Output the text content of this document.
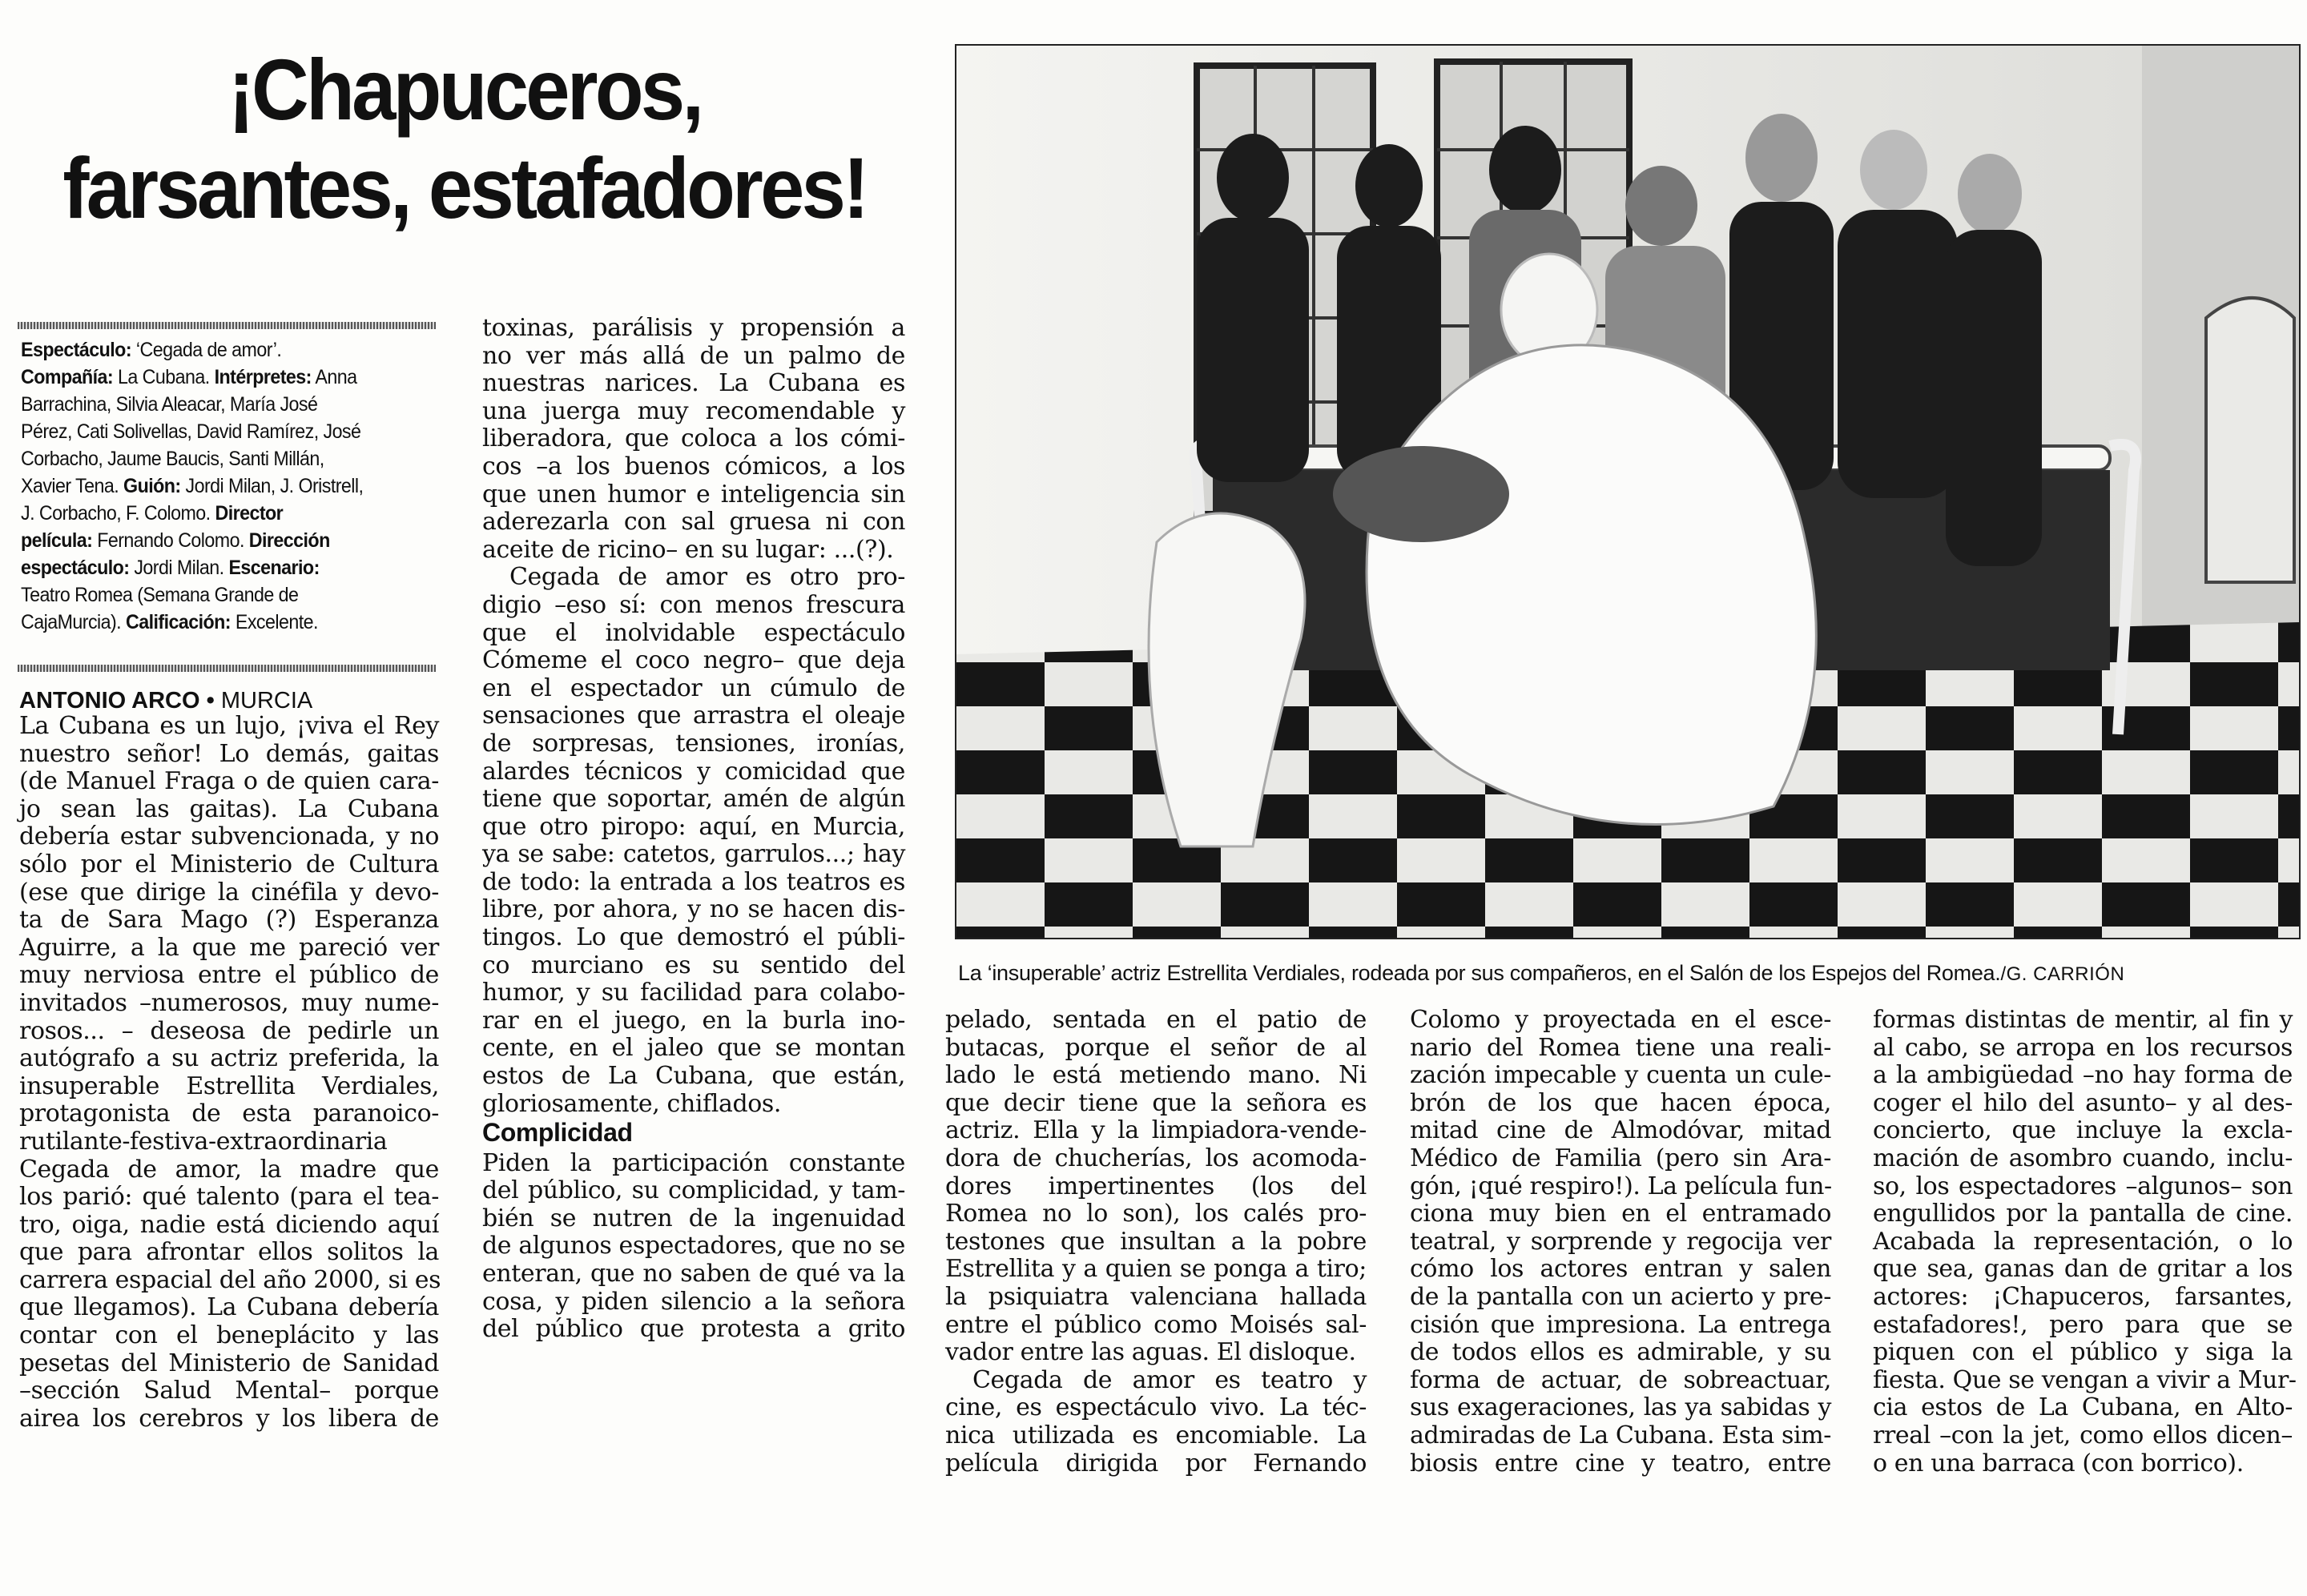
¡Chapuceros,
farsantes, estafadores!
Espectáculo: ‘Cegada de amor’.
Compañía: La Cubana. Intérpretes: Anna
Barrachina, Silvia Aleacar, María José
Pérez, Cati Solivellas, David Ramírez, José
Corbacho, Jaume Baucis, Santi Millán,
Xavier Tena. Guión: Jordi Milan, J. Oristrell,
J. Corbacho, F. Colomo. Director
película: Fernando Colomo. Dirección
espectáculo: Jordi Milan. Escenario:
Teatro Romea (Semana Grande de
CajaMurcia). Calificación: Excelente.
ANTONIO ARCO • MURCIA
La Cubana es un lujo, ¡viva el Rey
nuestro señor! Lo demás, gaitas
(de Manuel Fraga o de quien cara-
jo sean las gaitas). La Cubana
debería estar subvencionada, y no
sólo por el Ministerio de Cultura
(ese que dirige la cinéfila y devo-
ta de Sara Mago (?) Esperanza
Aguirre, a la que me pareció ver
muy nerviosa entre el público de
invitados –numerosos, muy nume-
rosos... – deseosa de pedirle un
autógrafo a su actriz preferida, la
insuperable Estrellita Verdiales,
protagonista de esta paranoico-
rutilante-festiva-extraordinaria
Cegada de amor, la madre que
los parió: qué talento (para el tea-
tro, oiga, nadie está diciendo aquí
que para afrontar ellos solitos la
carrera espacial del año 2000, si es
que llegamos). La Cubana debería
contar con el beneplácito y las
pesetas del Ministerio de Sanidad
–sección Salud Mental– porque
airea los cerebros y los libera de
toxinas, parálisis y propensión a
no ver más allá de un palmo de
nuestras narices. La Cubana es
una juerga muy recomendable y
liberadora, que coloca a los cómi-
cos –a los buenos cómicos, a los
que unen humor e inteligencia sin
aderezarla con sal gruesa ni con
aceite de ricino– en su lugar: ...(?).
Cegada de amor es otro pro-
digio –eso sí: con menos frescura
que el inolvidable espectáculo
Cómeme el coco negro– que deja
en el espectador un cúmulo de
sensaciones que arrastra el oleaje
de sorpresas, tensiones, ironías,
alardes técnicos y comicidad que
tiene que soportar, amén de algún
que otro piropo: aquí, en Murcia,
ya se sabe: catetos, garrulos...; hay
de todo: la entrada a los teatros es
libre, por ahora, y no se hacen dis-
tingos. Lo que demostró el públi-
co murciano es su sentido del
humor, y su facilidad para colabo-
rar en el juego, en la burla ino-
cente, en el jaleo que se montan
estos de La Cubana, que están,
gloriosamente, chiflados.
Complicidad
Piden la participación constante
del público, su complicidad, y tam-
bién se nutren de la ingenuidad
de algunos espectadores, que no se
enteran, que no saben de qué va la
cosa, y piden silencio a la señora
del público que protesta a grito
La ‘insuperable’ actriz Estrellita Verdiales, rodeada por sus compañeros, en el Salón de los Espejos del Romea./G. CARRIÓN
pelado, sentada en el patio de
butacas, porque el señor de al
lado le está metiendo mano. Ni
que decir tiene que la señora es
actriz. Ella y la limpiadora-vende-
dora de chucherías, los acomoda-
dores impertinentes (los del
Romea no lo son), los calés pro-
testones que insultan a la pobre
Estrellita y a quien se ponga a tiro;
la psiquiatra valenciana hallada
entre el público como Moisés sal-
vador entre las aguas. El disloque.
Cegada de amor es teatro y
cine, es espectáculo vivo. La téc-
nica utilizada es encomiable. La
película dirigida por Fernando
Colomo y proyectada en el esce-
nario del Romea tiene una reali-
zación impecable y cuenta un cule-
brón de los que hacen época,
mitad cine de Almodóvar, mitad
Médico de Familia (pero sin Ara-
gón, ¡qué respiro!). La película fun-
ciona muy bien en el entramado
teatral, y sorprende y regocija ver
cómo los actores entran y salen
de la pantalla con un acierto y pre-
cisión que impresiona. La entrega
de todos ellos es admirable, y su
forma de actuar, de sobreactuar,
sus exageraciones, las ya sabidas y
admiradas de La Cubana. Esta sim-
biosis entre cine y teatro, entre
formas distintas de mentir, al fin y
al cabo, se arropa en los recursos
a la ambigüedad –no hay forma de
coger el hilo del asunto– y al des-
concierto, que incluye la excla-
mación de asombro cuando, inclu-
so, los espectadores –algunos– son
engullidos por la pantalla de cine.
Acabada la representación, o lo
que sea, ganas dan de gritar a los
actores: ¡Chapuceros, farsantes,
estafadores!, pero para que se
piquen con el público y siga la
fiesta. Que se vengan a vivir a Mur-
cia estos de La Cubana, en Alto-
rreal –con la jet, como ellos dicen–
o en una barraca (con borrico).
